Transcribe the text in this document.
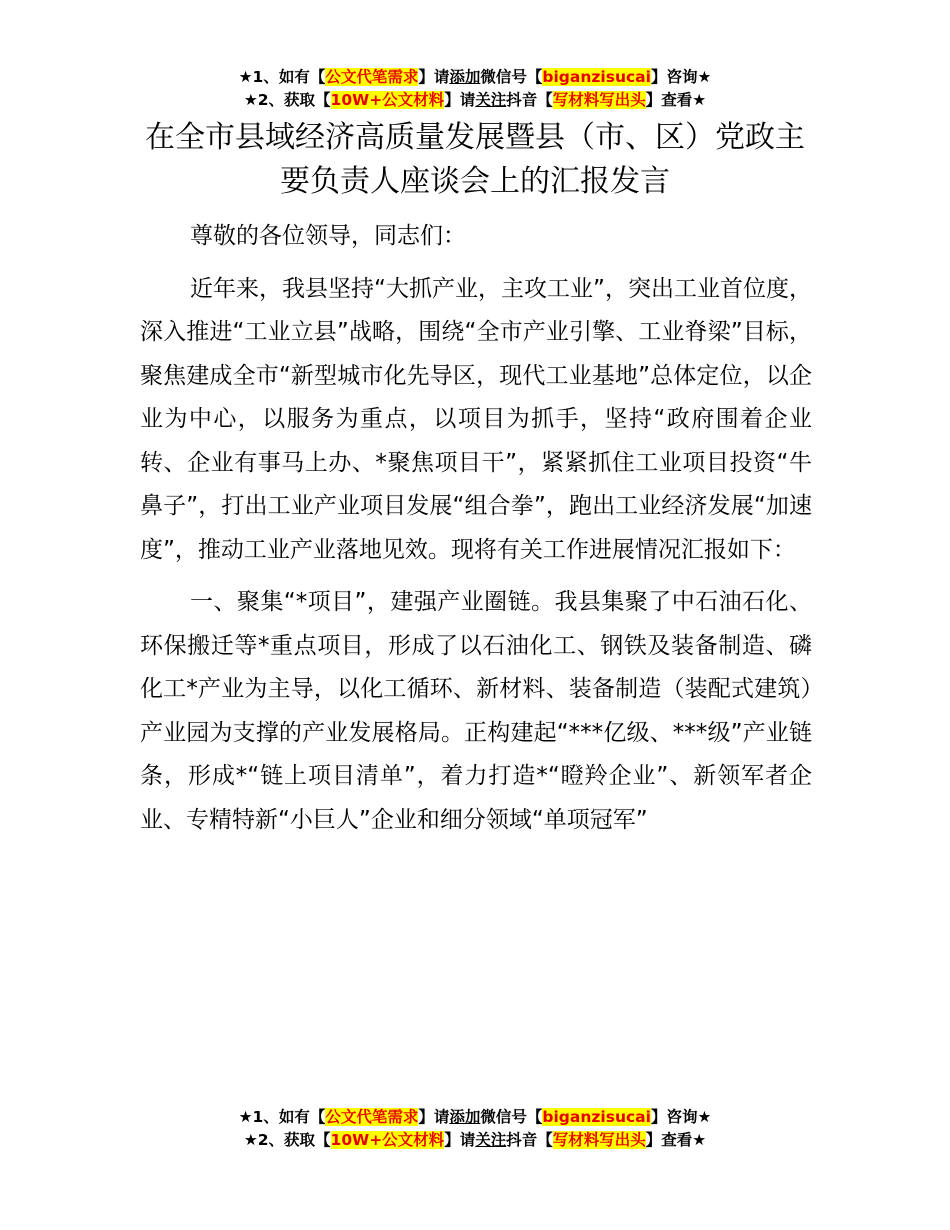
★1、如有【公文代笔需求】请添加微信号【biganzisucai】咨询★
★2、获取【10W+公文材料】请关注抖音【写材料写出头】查看★
在全市县域经济高质量发展暨县（市、区）党政主要负责人座谈会上的汇报发言

尊敬的各位领导，同志们：

近年来，我县坚持“大抓产业，主攻工业”，突出工业首位度，深入推进“工业立县”战略，围绕“全市产业引擎、工业脊梁”目标，聚焦建成全市“新型城市化先导区，现代工业基地”总体定位，以企业为中心，以服务为重点，以项目为抓手，坚持“政府围着企业转、企业有事马上办、*聚焦项目干”，紧紧抓住工业项目投资“牛鼻子”，打出工业产业项目发展“组合拳”，跑出工业经济发展“加速度”，推动工业产业落地见效。现将有关工作进展情况汇报如下：

一、聚集“*项目”，建强产业圈链。我县集聚了中石油石化、环保搬迁等*重点项目，形成了以石油化工、钢铁及装备制造、磷化工*产业为主导，以化工循环、新材料、装备制造（装配式建筑）产业园为支撑的产业发展格局。正构建起“***亿级、***级”产业链条，形成*“链上项目清单”，着力打造*“瞪羚企业”、新领军者企业、专精特新“小巨人”企业和细分领域“单项冠军”

★1、如有【公文代笔需求】请添加微信号【biganzisucai】咨询★
★2、获取【10W+公文材料】请关注抖音【写材料写出头】查看★
